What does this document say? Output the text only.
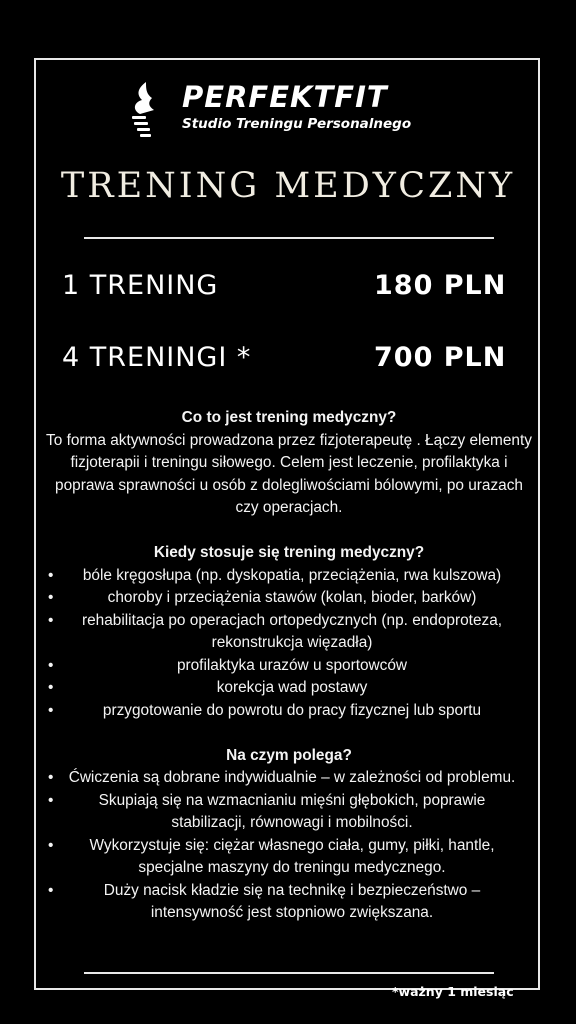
PERFEKTFIT
Studio Treningu Personalnego
TRENING MEDYCZNY
1 TRENING	180 PLN
4 TRENINGI *	700 PLN
Co to jest trening medyczny?

To forma aktywności prowadzona przez fizjoterapeutę . Łączy elementy fizjoterapii i treningu siłowego. Celem jest leczenie, profilaktyka i poprawa sprawności u osób z dolegliwościami bólowymi, po urazach czy operacjach.

Kiedy stosuje się trening medyczny?
• bóle kręgosłupa (np. dyskopatia, przeciążenia, rwa kulszowa)
• choroby i przeciążenia stawów (kolan, bioder, barków)
• rehabilitacja po operacjach ortopedycznych (np. endoproteza, rekonstrukcja więzadła)
• profilaktyka urazów u sportowców
• korekcja wad postawy
• przygotowanie do powrotu do pracy fizycznej lub sportu
Na czym polega?
• Ćwiczenia są dobrane indywidualnie – w zależności od problemu.
• Skupiają się na wzmacnianiu mięśni głębokich, poprawie stabilizacji, równowagi i mobilności.
• Wykorzystuje się: ciężar własnego ciała, gumy, piłki, hantle, specjalne maszyny do treningu medycznego.
• Duży nacisk kładzie się na technikę i bezpieczeństwo – intensywność jest stopniowo zwiększana.
*ważny 1 miesiąc
